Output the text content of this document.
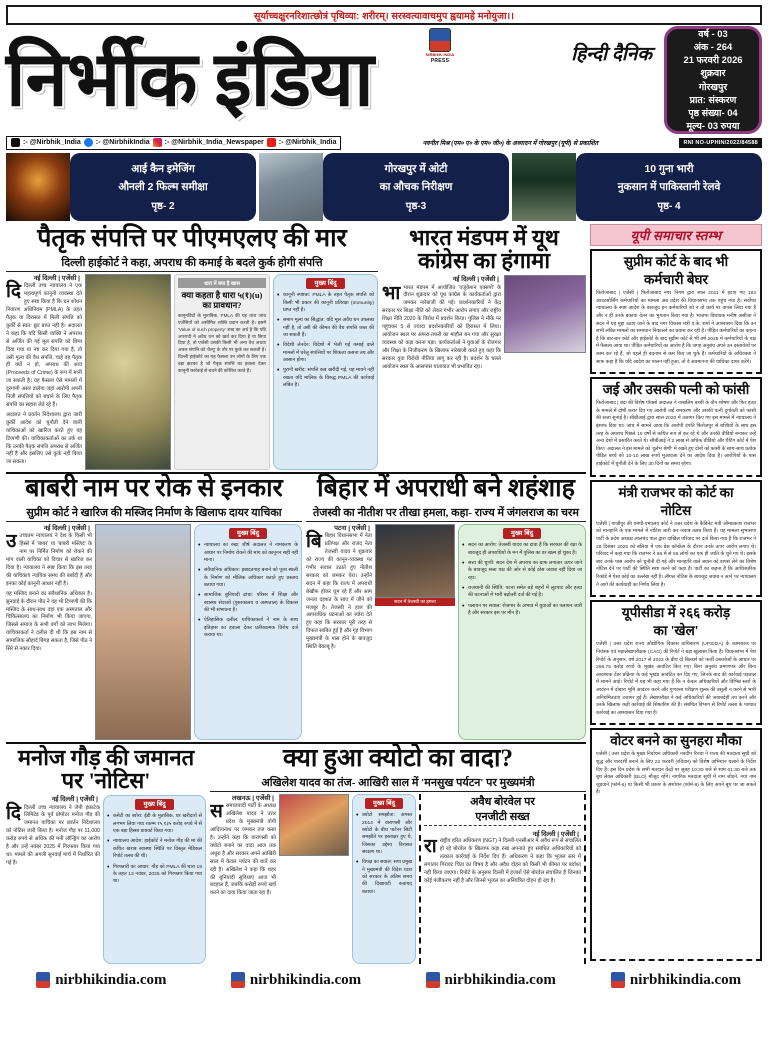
सूर्याच्चक्षुरनरिशात्छोत्रं पृथिव्या: शरीरम्। सरस्वत्यावाचमुप ह्वयामहे मनोयुजा।।
निर्भीक इंडिया	NIRBHIK INDIA
PRESS	हिन्दी दैनिक
वर्ष - 03
अंक - 264
21 फरवरी 2026
शुक्रवार
गोरखपुर
प्रात: संस्करण
पृष्ठ संख्या- 04
मूल्य- 03 रुपया
:- @Nirbhik_India :- @NirbhikIndia :- @Nirbhik_India_Newspaper :- @Nirbhik_India	नवनीत मिश्र (एम० ए० के एम० जी०) के अध्यादन में गोरखपुर (यूपी) से प्रकाशित	RNI NO-UPHIN/2022/84588
आई कैन इमेजिंग
औनली 2 फिल्म समीक्षा
पृष्ठ- 2
गोरखपुर में ओटी
का औचक निरीक्षण
पृष्ठ-3
10 गुना भारी
नुकसान में पाकिस्तानी रेलवे
पृष्ठ- 4
पैतृक संपत्ति पर पीएमएलए की मार
दिल्ली हाईकोर्ट ने कहा, अपराध की कमाई के बदले कुर्क होगी संपत्ति
नई दिल्ली | एजेंसी |

दिदिल्ली उच्च न्यायालय ने एक महत्वपूर्ण कानूनी व्यवस्था देते हुए स्पष्ट किया है कि धन शोधन निवारण अधिनियम (PMLA) के तहत पैतृक या विरासत में मिली संपत्ति को कुर्की से स्वत: छूट प्राप्त नहीं है। अदालत ने कहा कि यदि किसी व्यक्ति ने अपराध से अर्जित की गई मूल संपत्ति को छिपा दिया गया या नष्ट कर दिया गया है, तो उसी मूल्य की वैध संपत्ति, चाहे वह पैतृक ही क्यों न हो, अपराध की आय (Proceeds of Crime) के रूप में मानी जा सकती है। यह फैसला ऐसे मामलों में दूरगामी असर डालेगा जहां आरोपी अपनी निजी संपत्तियों को बचाने के लिए पैतृक संपत्ति का सहारा लेते रहे हैं।

अदालत ने प्रवर्तन निदेशालय द्वारा जारी कुर्की आदेश को चुनौती देने वाली याचिकाओं को खारिज करते हुए यह टिप्पणी की। याचिकाकर्ताओं का तर्क था कि उनकी पैतृक संपत्ति अपराध से अर्जित नहीं है और इसलिए उसे कुर्क नहीं किया जा सकता।

धारा में क्या है खास
क्या कहता है धारा ५(१)(u) का प्रावधान?
कानूनविदों के मुताबिक, PMLA की यह धारा जांच एजेंसियों को असीमित शक्ति प्रदान करती है। इसमें 'Value of such property' शब्द का अर्थ है कि यदि अपराधी ने अवैध धन को खर्च कर दिया है या छिपा दिया है, तो एजेंसी उसकी किसी भी अन्य वैध अथवा अचल संपत्ति को 'वैल्यू' के तौर पर कुर्क कर सकती है। दिल्ली हाईकोर्ट का यह फैसला उन लोगों के लिए एक बड़ा झटका है जो पैतृक संपत्ति का हवाला देकर कानूनी कार्रवाई से बचने की कोशिश करते हैं।
मुख्य बिंदु
• कानूनी स्पष्टता: PMLA के तहत पैतृक संपत्ति को किसी भी प्रकार की कानूनी प्रतिरक्षा (Immunity) प्राप्त नहीं है।
• समान मूल्य का सिद्धांत: यदि मूल अवैध धन उपलब्ध नहीं है, तो उसी की कीमत की वैध संपत्ति जब्त की जा सकती है।
• विदेशी लेनदेन: विदेशों में भेजी गई कमाई वाले मामलों में घरेलू संपत्तियों पर शिकंजा कसना तय और आसान होगा।
• पुरानी खरीद: संपत्ति कब खरीदी गई, यह मायने नहीं रखता यदि मालिक के विरुद्ध PMLA की कार्रवाई लंबित है।
भारत मंडपम में यूथ
कांग्रेस का हंगामा
नई दिल्ली | एजेंसी |

भाभारत मंडपम में आयोजित 'एजुकेशन एक्सपो' के दौरान शुक्रवार को यूथ कांग्रेस के कार्यकर्ताओं द्वारा जमकर नारेबाजी की गई। प्रदर्शनकारियों ने केंद्र सरकार पर शिक्षा नीति को लेकर गंभीर आरोप लगाए और राष्ट्रीय शिक्षा नीति 2020 के विरोध में प्रदर्शन किया। पुलिस ने मौके पर पहुंचकर 5 से ज्यादा प्रदर्शनकारियों को हिरासत में लिया। आयोजन स्थल पर अफरा-तफरी का माहौल बन गया और सुरक्षा व्यवस्था को कड़ा करना पड़ा। कार्यकर्ताओं ने युवाओं के रोजगार और शिक्षा के निजीकरण के खिलाफ नारेबाजी करते हुए कहा कि सरकार युवा विरोधी नीतियां लागू कर रही है। प्रदर्शन के चलते आयोजन स्थल के आसपास यातायात भी प्रभावित रहा।

बाबरी नाम पर रोक से इनकार
सुप्रीम कोर्ट ने खारिज की मस्जिद निर्माण के खिलाफ दायर याचिका
नई दिल्ली | एजेंसी |

उउच्चतम न्यायालय ने देश के किसी भी हिस्से में 'बाबर' या 'बाबरी मस्जिद' के नाम पर निर्मित निर्माण को रोकने की मांग वाली याचिका को विचार से खारिज कर दिया है। न्यायालय ने स्पष्ट किया कि इस तरह की याचिकाएं न्यायिक समय की बर्बादी हैं और इनका कोई कानूनी आधार नहीं है।

यह मस्जिद बनाने का संवैधानिक अधिकार है। सुनवाई के दौरान पीठ ने यह भी टिप्पणी की कि मस्जिद के साथ-साथ वहां एक अस्पताल और चिकित्सालय का निर्माण भी किया जाएगा, जिससे समाज के सभी वर्गों को लाभ मिलेगा। याचिकाकर्ता ने दलील दी थी कि इस नाम से सामाजिक सौहार्द बिगड़ सकता है, जिसे पीठ ने सिरे से नकार दिया।

मुख्य बिंदु
• न्यायालय का रुख: शीर्ष अदालत ने नामकरण के आधार पर निर्माण रोकने की मांग को कानूनन सही नहीं माना।
• संवैधानिक अधिकार: इबादतगाह बनाने को पूजा स्थली के निर्माण को मौलिक अधिकार बताते हुए प्रस्ताव बताया गया।
• सामाजिक बुनियादी ढांचा: परिसर में शिक्षा और स्वास्थ्य सेवाओं (पुस्तकालय व अस्पताल) के विकास की भी संभावना है।
• ऐतिहासिक दलील: याचिकाकर्ता ने नाम के साथ इतिहास का हवाला देकर प्रतीकात्मक विरोध दर्ज कराया था।
बिहार में अपराधी बने शहंशाह
तेजस्वी का नीतीश पर तीखा हमला, कहा- राज्य में जंगलराज का चरम
पटना | एजेंसी |

बिबिहार विधानसभा में नेता प्रतिपक्ष और राजद नेता तेजस्वी यादव ने शुक्रवार को राज्य की कानून-व्यवस्था पर गंभीर सवाल उठाते हुए नीतीश सरकार को जमकर घेरा। उन्होंने सदन में कहा कि राज्य में अपराधी बेखौफ होकर घूम रहे हैं और आम जनता दहशत के साए में जीने को मजबूर है। तेजस्वी ने हाल की आपराधिक घटनाओं का ब्योरा देते हुए कहा कि सरकार पूरी तरह से विफल साबित हुई है और गृह विभाग मुख्यमंत्री के पास होने के बावजूद स्थिति बेकाबू है।

सदन में तेजस्वी का हमला
मुख्य बिंदु
• सदन का आरोप: तेजस्वी यादव का दावा है कि सरकार की रक्षा के बावजूद ही अपराधियों के मन में पुलिस का डर खत्म हो चुका है।
• सत्ता की चुप्पी: सदन देश में अपराध का ग्राफ लगातार ऊपर जाने के बावजूद सत्ता पक्ष की ओर से कोई ठोस जवाब नहीं दिया जा रहा।
• राजधानी की स्थिति: पटना समेत बड़े शहरों में लूटपाट और हत्या की घटनाओं में भारी बढ़ोतरी दर्ज की गई है।
• पलायन पर सवाल: रोजगार के अभाव में युवाओं का पलायन जारी है और सरकार इस पर मौन है।
मनोज गौड़ की जमानत
पर 'नोटिस'
नई दिल्ली | एजेंसी |

दिदिल्ली उच्च न्यायालय ने जेपी इंफ्राटेक लिमिटेड के पूर्व प्रोमोटर मनोज गौड़ की जमानत याचिका पर प्रवर्तन निदेशालय को नोटिस जारी किया है। मनोज गौड़ पर 11,000 करोड़ रुपये से अधिक की मनी लॉन्ड्रिंग का आरोप है और उन्हें नवंबर 2025 में गिरफ्तार किया गया था। मामले की अगली सुनवाई मार्च में निर्धारित की गई है।

मुख्य बिंदु
• कमेटी का ब्योरा: ईडी के मुताबिक, घर खरीदारों से लगभग लिया गया रकम्म १५,१३५ करोड़ रुपये में से एक बड़ा हिस्सा डायवर्ट किया गया।
• न्यायालय आदेश: हाईकोर्ट ने मनोज गौड़ की मां की कथित खराब स्वास्थ्य स्थिति पर विस्तृत मेडिकल रिपोर्ट तलब की थी।
• गिरफ्तारी का आधार: गौड़ को PMLA की धारा 19 के तहत 13 नवंबर, 2025 को गिरफ्तार किया गया था।
क्या हुआ क्योटो का वादा?
अखिलेश यादव का तंज- आखिरी साल में 'मनसुख पर्यटन' पर मुख्यमंत्री
लखनऊ | एजेंसी |

ससमाजवादी पार्टी के अध्यक्ष अखिलेश यादव ने उत्तर प्रदेश के मुख्यमंत्री योगी आदित्यनाथ पर जमकर तंज कसा है। उन्होंने कहा कि वाराणसी को क्योटो बनाने का वादा आज तक अधूरा है और सरकार अपने आखिरी साल में केवल पर्यटन की बातें कर रही है। अखिलेश ने कहा कि शहर की बुनियादी सुविधाएं आज भी बदहाल हैं, जबकि करोड़ों रुपये खर्च करने का दावा किया जाता रहा है।

मुख्य बिंदु
• क्योटो समझौता: अगस्त 2014 में वाराणसी और क्योटो के बीच पार्टनर सिटी समझौते पर हस्ताक्षर हुए थे, जिसका उद्देश्य विरासत संरक्षण था।
• विपक्ष का सवाल: सपा प्रमुख ने मुख्यमंत्री की विदेश यात्रा को सरकार के अंतिम समय की दिखावटी कवायद बताया।
अवैध बोरवेल पर
एनजीटी सख्त
नई दिल्ली | एजेंसी |

राराष्ट्रीय हरित अधिकरण (NGT) ने दिल्ली-एनसीआर में अवैध रूप से संचालित हो रहे बोरवेल के खिलाफ कड़ा रुख अपनाते हुए संबंधित अधिकारियों को तत्काल कार्रवाई के निर्देश दिए हैं। अधिकरण ने कहा कि भूजल स्तर में लगातार गिरावट चिंता का विषय है और अवैध दोहन को किसी भी कीमत पर बर्दाश्त नहीं किया जाएगा। रिपोर्ट के अनुसार दिल्ली में हजारों ऐसे बोरवेल संचालित हैं जिनका कोई पंजीकरण नहीं है और जिनसे भूजल का अनियंत्रित दोहन हो रहा है।

यूपी समाचार स्तम्भ
सुप्रीम कोर्ट के बाद भी
कर्मचारी बेघर

फिरोजाबाद | एजेंसी | फिरोजाबाद नगर निगम द्वारा साल 2011 में हटाए गए 183 आउटसोर्सिंग कर्मचारियों का मामला अब प्रदेश की विधानसभा तक पहुंच गया है। सर्वोच्च न्यायालय के स्पष्ट आदेश के बावजूद इन कर्मचारियों को न तो कार्य पर वापस लिया गया है और न ही उनके बकाया वेतन का भुगतान किया गया है। भाजपा विधायक मनीष असीजा ने सदन में यह मुद्दा उठाए जाने के बाद नगर विकास मंत्री ए.के. शर्मा ने आश्वासन दिया कि उन सभी लंबित मामलों का समाधान निकालने का प्रयास कर रही है। पीड़ित कर्मचारियों का कहना है कि बार-बार कोर्ट और हाईकोर्ट के बाद सुप्रीम कोर्ट से भी वर्ष 2025 में कर्मचारियों के पक्ष में फैसला आया था। पीड़ित कर्मचारियों का आरोप है कि जगह अनुबंध अपने उन दस्तावेजों पर काम कर रहे हैं, जो पहले ही बदनाम से कम किए जा चुके हैं। कर्मचारियों के अधिवक्ता ने साफ कहा है कि यदि आदेश का पालन नहीं हुआ, तो वे अवमानना की याचिका दायर करेंगे।

जई और उसकी पत्नी को फांसी

फिरोजाबाद | बंदा की विशेष पॉक्सो अदालत ने नाबालिग बच्ची के यौन शोषण और फिर हत्या के मामले में दोषी करार दिए गए आरोपी जई रामकरण और उसकी पत्नी दुर्गावती को फांसी की सजा सुनाई है। सीबीआई द्वारा साल 2020 में उजागर किए गए इस मामले में न्यायालय ने इंसाफ दिया था। जांच में सामने आया कि आरोपी दंपति फिरोजपुर से बच्चियों के साथ इस तरह के अपराध पिछले 10 वर्षों से कथित रूप से कर रहे थे और उनकी वीडियो बनाकर उन्हें अन्य देशों में प्रसारित करते थे। सीबीआई ने 2 लाख से अधिक वीडियो और चैटिंग कोर्ट में पेश किए। अदालत ने इस मामले को 'दुर्लभ श्रेणी' में रखते हुए दोनों को फांसी के साथ-साथ प्रत्येक पीड़ित बच्चे को 10-10 लाख रुपये मुआवजा देने का आदेश दिया है। आरोपियों के पास हाईकोर्ट में चुनौती देने के लिए 30 दिनों का समय रहेगा।

मंत्री राजभर को कोर्ट का
नोटिस

एजेंसी | गाजीपुर की एमपी-एमएलए कोर्ट ने उत्तर प्रदेश के कैबिनेट मंत्री ओमप्रकाश राजभर को मानहानि के एक मामले में नोटिस जारी कर जवाब तलब किया है। यह मामला सुभासपा पार्टी के प्रदेश अध्यक्ष लालचंद पाल द्वारा दाखिल परिवाद पर दर्ज किया गया है कि राजभर ने 28 दिसंबर 2025 को बलिया में एक प्रेस कॉन्फ्रेंस के दौरान उनके ऊपर आरोप लगाए थे। परिवाद में कहा गया कि राजभर ने 86 में से 56 लोगों का एक ही जाति के चुने गए थे। इसके बाद उनके पास आरोप को चुनौती दी गई और मानहानि वाले बयान को वापस लेने का विशेष नोटिस देने पर पार्टी की स्थिति स्पष्ट करने को कहा है। पार्टी का कहना है कि आधिकारिक रिकॉर्ड में ऐसा कोई का उल्लेख नहीं है। लीगल नोटिस के बावजूद जवाब न आने पर न्यायालय ने आगे की कार्यवाही का निर्णय लिया है।

यूपीसीडा में २६६ करोड़
का 'खेल'

एजेंसी | उत्तर प्रदेश राज्य औद्योगिक विकास प्राधिकरण (UPSIDA) के कामकाज पर नियंत्रक एवं महालेखापरीक्षक (CAG) की रिपोर्ट ने बड़ा खुलासा किया है। विधानसभा में पेश रिपोर्ट के अनुसार, वर्ष 2017 से 2022 के बीच दो बिल्डर्स को फर्जी दस्तावेजों के आधार पर 266.75 करोड़ रुपये के भूखंड आवंटित किए गए। बिना अनुबंध प्रमाणपत्र और बिना आवश्यक टेंडर प्रक्रिया के कई भूखंड आवंटित कर दिए गए, जिनके बाद की कार्रवाई पड़ताल में सामने आई। रिपोर्ट में यह भी कहा गया है कि न केवल अधिकारियों और विभिन्न स्तरों के आवंटन में दोबारा भूमि आवंटन करने और गुणवत्ता परीक्षण शुल्क की वसूली न करने से भारी अनियमितताएं उजागर हुई हैं। लेखापरीक्षा ने कई अधिकारियों की जवाबदेही तय करने और उनके खिलाफ कड़ी कार्रवाई की सिफारिश की है। संबंधित विभाग से रिपोर्ट तलब के पश्चात कार्रवाई का आश्वासन दिया गया है।

वोटर बनने का सुनहरा मौका

एजेंसी | उत्तर प्रदेश के मुख्य निर्वाचन अधिकारी नवदीप रिनवा ने राज्य की मतदाता सूची को शुद्ध और पारदर्शी बनाने के लिए 22 फरवरी (रविवार) को विशेष अभियान चलाने के निर्देश दिए हैं। इस दिन प्रदेश के सभी मतदान केंद्रों पर सुबह 10:30 बजे से शाम 01:30 बजे तक बूथ लेवल अधिकारी (BLO) मौजूद रहेंगे। नागरिक मतदाता सूची में नाम जोड़ने, नया नाम जुड़वाने (फॉर्म-6) या किसी भी प्रकार के संशोधन (फॉर्म-8) के लिए अपने बूथ पर जा सकते हैं।

nirbhikindia.com	nirbhikindia.com	nirbhikindia.com	nirbhikindia.com
